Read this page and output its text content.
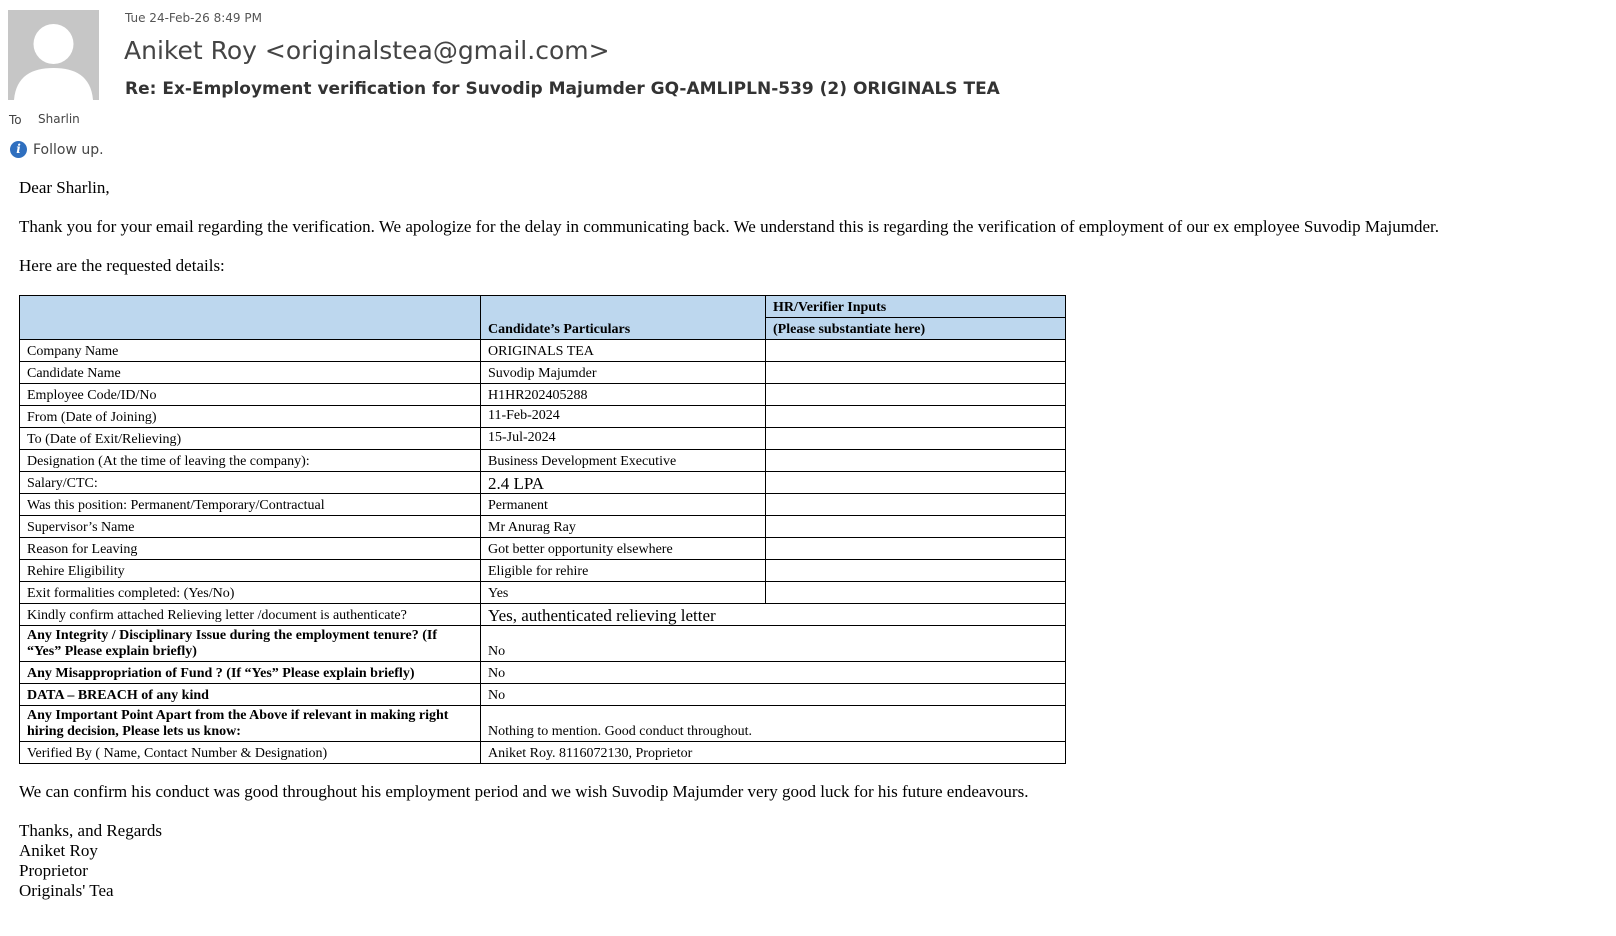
Tue 24-Feb-26 8:49 PM
Aniket Roy <originalstea@gmail.com>
Re: Ex-Employment verification for Suvodip Majumder GQ-AMLIPLN-539 (2) ORIGINALS TEA
To Sharlin
i Follow up.

Dear Sharlin,

Thank you for your email regarding the verification. We apologize for the delay in communicating back. We understand this is regarding the verification of employment of our ex employee Suvodip Majumder.

Here are the requested details:

	Candidate’s Particulars	HR/Verifier Inputs
		(Please substantiate here)
Company Name	ORIGINALS TEA	
Candidate Name	Suvodip Majumder	
Employee Code/ID/No	H1HR202405288	
From (Date of Joining)	11-Feb-2024	
To (Date of Exit/Relieving)	15-Jul-2024	
Designation (At the time of leaving the company):	Business Development Executive	
Salary/CTC:	2.4 LPA	
Was this position: Permanent/Temporary/Contractual	Permanent	
Supervisor’s Name	Mr Anurag Ray	
Reason for Leaving	Got better opportunity elsewhere	
Rehire Eligibility	Eligible for rehire	
Exit formalities completed: (Yes/No)	Yes	
Kindly confirm attached Relieving letter /document is authenticate?	Yes, authenticated relieving letter	
Any Integrity / Disciplinary Issue during the employment tenure? (If “Yes” Please explain briefly)	No	
Any Misappropriation of Fund ? (If “Yes” Please explain briefly)	No	
DATA – BREACH of any kind	No	
Any Important Point Apart from the Above if relevant in making right hiring decision, Please lets us know:	Nothing to mention. Good conduct throughout.	
Verified By ( Name, Contact Number & Designation)	Aniket Roy. 8116072130, Proprietor	

We can confirm his conduct was good throughout his employment period and we wish Suvodip Majumder very good luck for his future endeavours.

Thanks, and Regards
Aniket Roy
Proprietor
Originals' Tea
